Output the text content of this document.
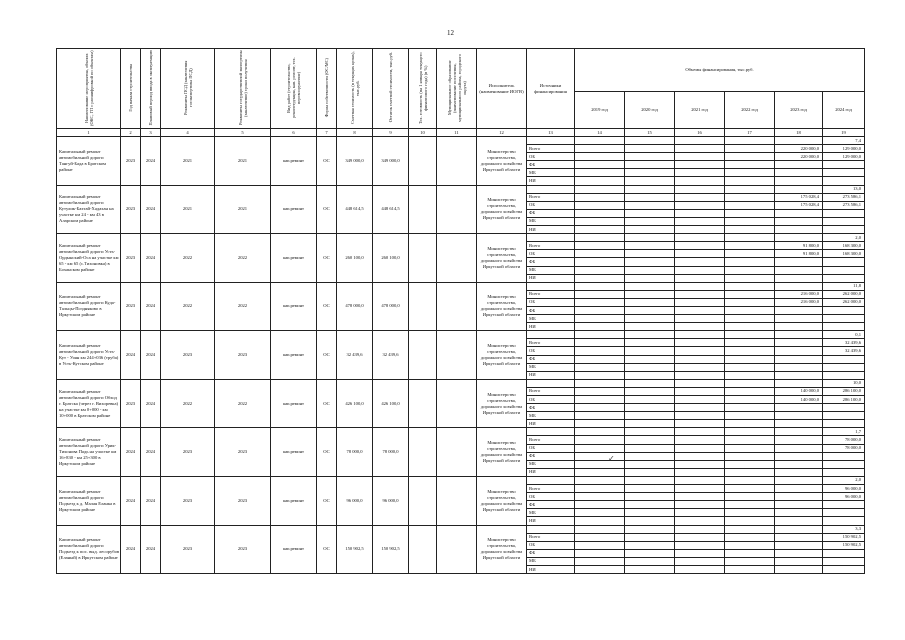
12
Наименование мероприятия, объекта (ОКС, ГП с расшифровкой по объектам)	Год начала строительства	Плановый период ввода в эксплуатацию	Реквизиты ПСД (заключения госэкспертизы ПСД)	Реквизиты государственной экспертизы (заключение) сроки получения	Вид работ (строительство, реконструкция, кап. ремонт, тех. перевооружение)	Форма собственности (ОС/МС)	Сметная стоимость (в текущих ценах), тыс.руб.	Остаток сметной стоимости, тыс.руб.	Тех. готовность (на 1 января текущего финансового года) (в %)	Муниципальное образование (наименование поселения, муниципального района, городского округа)	Исполнитель (наименование ИОГВ)	Источники финансирования	Объемы финансирования, тыс.руб.					
													2019 год	2020 год	2021 год	2022 год	2023 год	2024 год
1	2	3	4	5	6	7	8	9	10	11	12	13	14	15	16	17	18	19
Капитальный ремонт автомобильной дороги Тангуй-Бада в Братском районе	2023	2024	2021	2021	кап.ремонт	ОС	349 000,0	349 000,0			Министерство строительства, дорожного хозяйства Иркутской области							7,4
												Всего					220 000,0	129 000,0
												ОБ					220 000,0	129 000,0
												ФБ						
												МБ						
												НИ						
Капитальный ремонт автомобильной дороги Кутулик-Бахтай-Хадахан на участке км 24 - км 43 в Аларском районе	2023	2024	2021	2021	кап.ремонт	ОС	448 614,5	448 614,5			Министерство строительства, дорожного хозяйства Иркутской области							13,0
												Всего					175 028,4	273 586,1
												ОБ					175 028,4	273 586,1
												ФБ						
												МБ						
												НИ						
Капитальный ремонт автомобильной дороги Усть-Ордынский-Оса на участке км 65 - км 65 (с.Тихоновка) в Боханском районе	2023	2024	2022	2022	кап.ремонт	ОС	260 100,0	260 100,0			Министерство строительства, дорожного хозяйства Иркутской области							2,0
												Всего					91 800,0	168 300,0
												ОБ					91 800,0	168 300,0
												ФБ						
												МБ						
												НИ						
Капитальный ремонт автомобильной дороги Куда-Тальцы-Поздняково в Иркутском районе	2023	2024	2022	2022	кап.ремонт	ОС	478 000,0	478 000,0			Министерство строительства, дорожного хозяйства Иркутской области							11,8
												Всего					216 000,0	262 000,0
												ОБ					216 000,0	262 000,0
												ФБ						
												МБ						
												НИ						
Капитальный ремонт автомобильной дороги Усть-Кут - Уоян км 244+036 (труба) в Усть-Кутском районе	2024	2024	2023	2023	кап.ремонт	ОС	32 439,6	32 439,6			Министерство строительства, дорожного хозяйства Иркутской области							0,1
												Всего						32 439,6
												ОБ						32 439,6
												ФБ						
												МБ						
												НИ						
Капитальный ремонт автомобильной дороги Обход г. Братска (через г. Вихоревка) на участке км 0+000 - км 10+000 в Братском районе	2023	2024	2022	2022	кап.ремонт	ОС	426 100,0	426 100,0			Министерство строительства, дорожного хозяйства Иркутской области							10,0
												Всего					140 000,0	286 100,0
												ОБ					140 000,0	286 100,0
												ФБ						
												МБ						
												НИ						
Капитальный ремонт автомобильной дороги Урик-Тихонова Падь на участке км 16+830 - км 25+300 в Иркутском районе	2024	2024	2023	2023	кап.ремонт	ОС	78 000,0	78 000,0			Министерство строительства, дорожного хозяйства Иркутской области							1,7
												Всего						78 000,0
												ОБ						78 000,0
												ФБ						
												МБ						
												НИ						
Капитальный ремонт автомобильной дороги Подъезд к д. Малая Еланка в Иркутском районе	2024	2024	2023	2023	кап.ремонт	ОС	96 000,0	96 000,0			Министерство строительства, дорожного хозяйства Иркутской области							2,0
												Всего						96 000,0
												ОБ						96 000,0
												ФБ						
												МБ						
												НИ						
Капитальный ремонт автомобильной дороги Подъезд к пос. выд. лесорубов (Еланый) в Иркутском районе	2024	2024	2023	2023	кап.ремонт	ОС	150 902,5	150 902,5			Министерство строительства, дорожного хозяйства Иркутской области							3,3
												Всего						150 902,5
												ОБ						150 902,5
												ФБ						
												МБ						
												НИ						
✓
